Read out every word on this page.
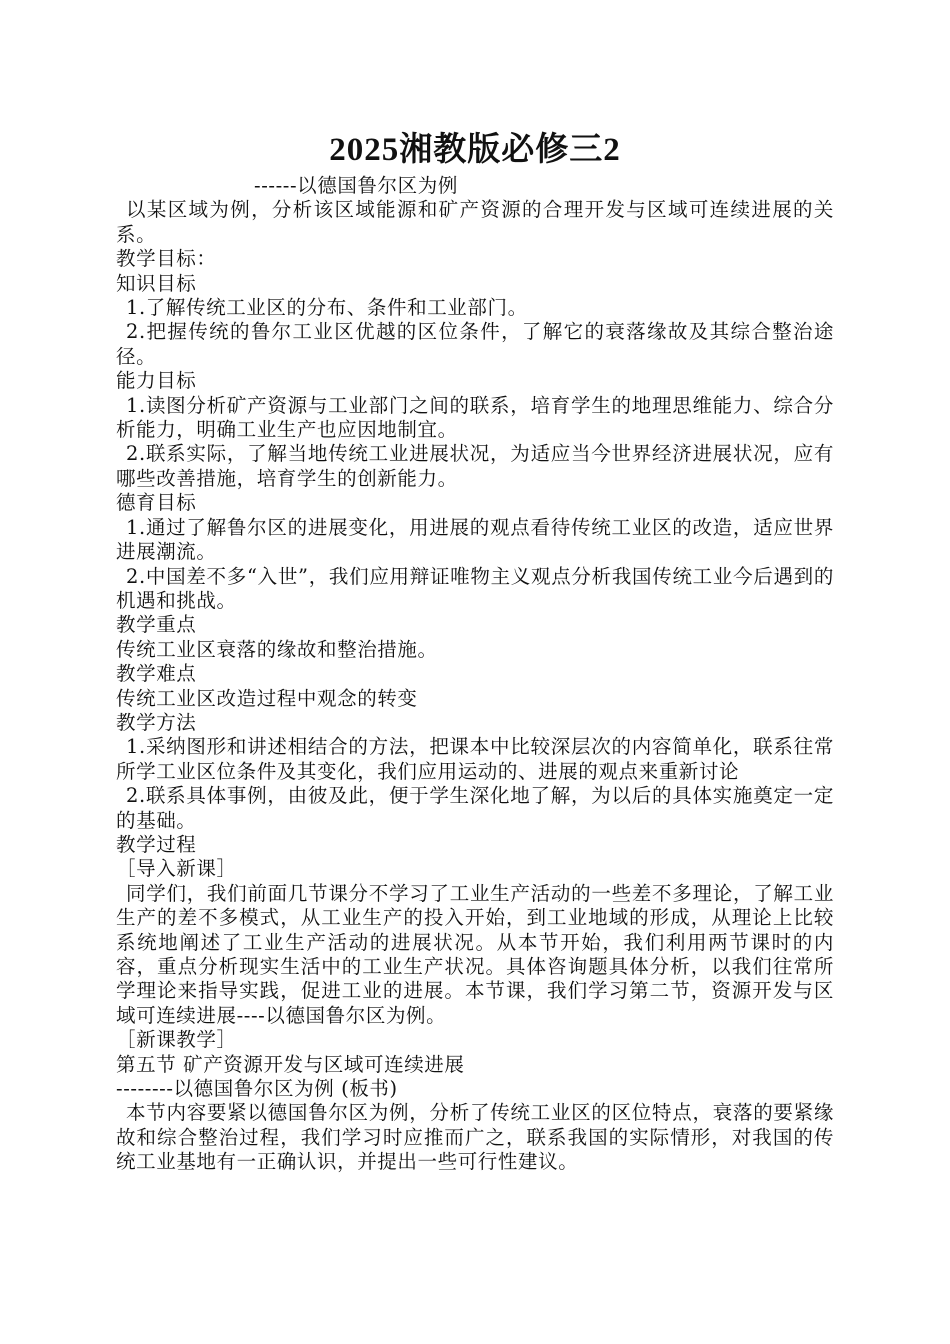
2025湘教版必修三2

------以德国鲁尔区为例

以某区域为例，分析该区域能源和矿产资源的合理开发与区域可连续进展的关系。

教学目标：

知识目标

1.了解传统工业区的分布、条件和工业部门。

2.把握传统的鲁尔工业区优越的区位条件，了解它的衰落缘故及其综合整治途径。

能力目标

1.读图分析矿产资源与工业部门之间的联系，培育学生的地理思维能力、综合分析能力，明确工业生产也应因地制宜。

2.联系实际，了解当地传统工业进展状况，为适应当今世界经济进展状况，应有哪些改善措施，培育学生的创新能力。

德育目标

1.通过了解鲁尔区的进展变化，用进展的观点看待传统工业区的改造，适应世界进展潮流。

2.中国差不多“入世”，我们应用辩证唯物主义观点分析我国传统工业今后遇到的机遇和挑战。

教学重点

传统工业区衰落的缘故和整治措施。

教学难点

传统工业区改造过程中观念的转变

教学方法

1.采纳图形和讲述相结合的方法，把课本中比较深层次的内容简单化，联系往常所学工业区位条件及其变化，我们应用运动的、进展的观点来重新讨论

2.联系具体事例，由彼及此，便于学生深化地了解，为以后的具体实施奠定一定的基础。

教学过程

［导入新课］

同学们，我们前面几节课分不学习了工业生产活动的一些差不多理论，了解工业生产的差不多模式，从工业生产的投入开始，到工业地域的形成，从理论上比较系统地阐述了工业生产活动的进展状况。从本节开始，我们利用两节课时的内容，重点分析现实生活中的工业生产状况。具体咨询题具体分析，以我们往常所学理论来指导实践，促进工业的进展。本节课，我们学习第二节，资源开发与区域可连续进展----以德国鲁尔区为例。

［新课教学］

第五节 矿产资源开发与区域可连续进展

--------以德国鲁尔区为例 (板书)

本节内容要紧以德国鲁尔区为例，分析了传统工业区的区位特点，衰落的要紧缘故和综合整治过程，我们学习时应推而广之，联系我国的实际情形，对我国的传统工业基地有一正确认识，并提出一些可行性建议。
